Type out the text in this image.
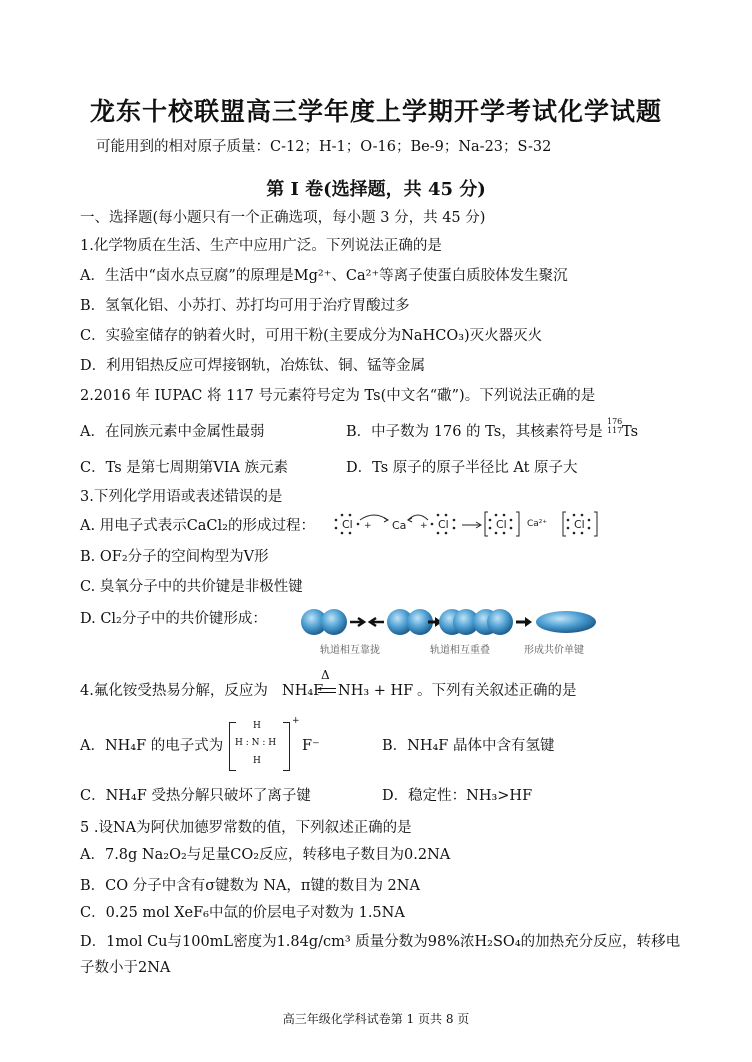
龙东十校联盟高三学年度上学期开学考试化学试题
可能用到的相对原子质量：C-12；H-1；O-16；Be-9；Na-23；S-32
第 I 卷(选择题，共 45 分)
一、选择题(每小题只有一个正确选项，每小题 3 分，共 45 分)
1.化学物质在生活、生产中应用广泛。下列说法正确的是
A．生活中“卤水点豆腐”的原理是Mg²⁺、Ca²⁺等离子使蛋白质胶体发生聚沉
B．氢氧化铝、小苏打、苏打均可用于治疗胃酸过多
C．实验室储存的钠着火时，可用干粉(主要成分为NaHCO₃)灭火器灭火
D．利用铝热反应可焊接钢轨，冶炼钛、铜、锰等金属
2.2016 年 IUPAC 将 117 号元素符号定为 Ts(中文名“䃟”)。下列说法正确的是
A．在同族元素中金属性最弱	B．中子数为 176 的 Ts，其核素符号是
176
117 Ts
C．Ts 是第七周期第VIA 族元素	D．Ts 原子的原子半径比 At 原子大
3.下列化学用语或表述错误的是
A. 用电子式表示CaCl₂的形成过程： Cl	Ca	Cl	Ca²⁺
Cl	Cl
+	+
B. OF₂分子的空间构型为V形
C. 臭氧分子中的共价键是非极性键
D. Cl₂分子中的共价键形成：
轨道相互靠拢	轨道相互重叠	形成共价单键
4.氟化铵受热易分解，反应为 NH₄F
Δ
NH₃ + HF 。下列有关叙述正确的是
A．NH₄F 的电子式为
H
H : N : H
H
+
F⁻	B．NH₄F 晶体中含有氢键
C．NH₄F 受热分解只破坏了离子键	D．稳定性：NH₃>HF
5 .设NA为阿伏加德罗常数的值，下列叙述正确的是
A．7.8g Na₂O₂与足量CO₂反应，转移电子数目为0.2NA
B．CO 分子中含有σ键数为 NA，π键的数目为 2NA
C．0.25 mol XeF₆中氙的价层电子对数为 1.5NA
D．1mol Cu与100mL密度为1.84g/cm³ 质量分数为98%浓H₂SO₄的加热充分反应，转移电
子数小于2NA
高三年级化学科试卷第 1 页共 8 页
